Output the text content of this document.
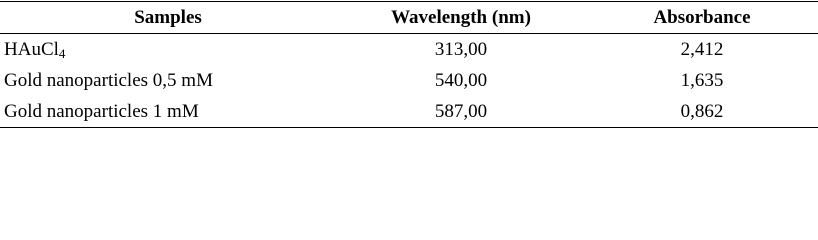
Samples	Wavelength (nm)	Absorbance
HAuCl$_4$	313,00	2,412
Gold nanoparticles 0,5 mM	540,00	1,635
Gold nanoparticles 1 mM	587,00	0,862
